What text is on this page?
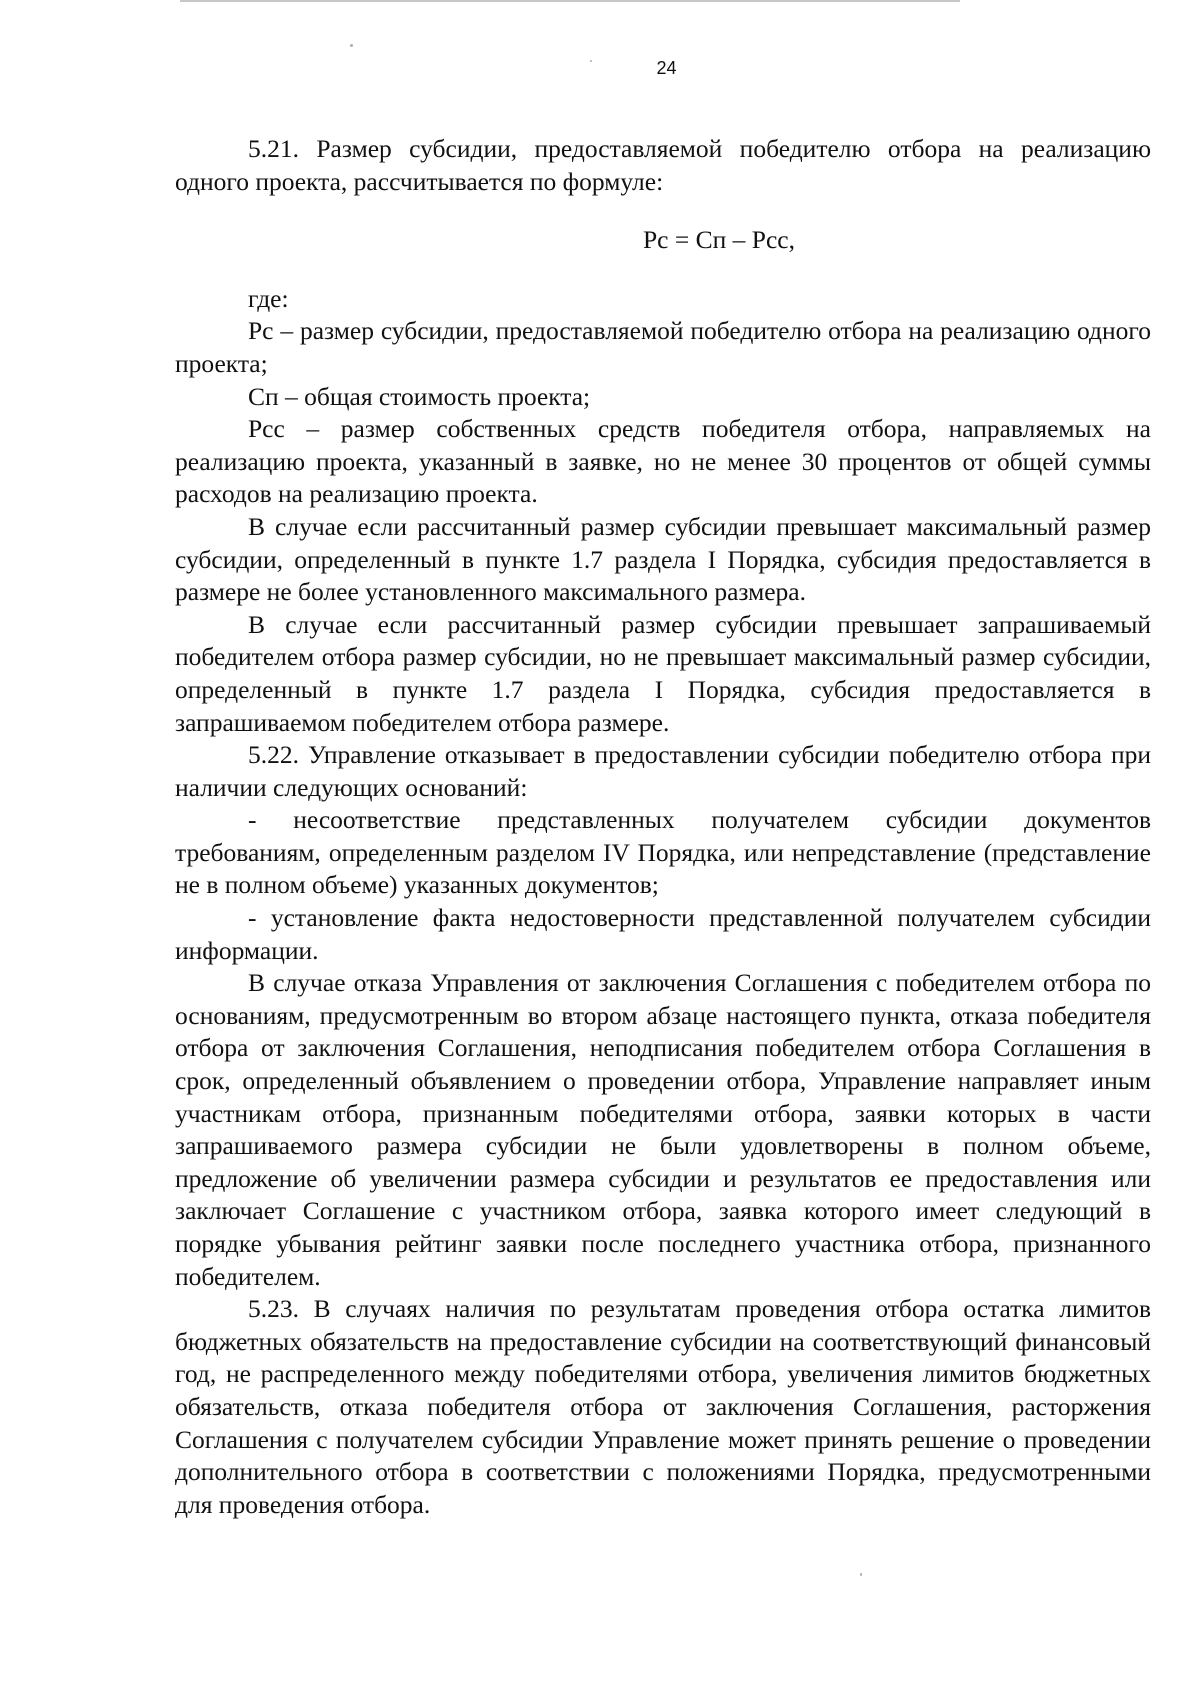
24

5.21. Размер субсидии, предоставляемой победителю отбора на реализацию одного проекта, рассчитывается по формуле:

Рс = Сп – Рсс,

где:

Рс – размер субсидии, предоставляемой победителю отбора на реализацию одного проекта;

Сп – общая стоимость проекта;

Рсс – размер собственных средств победителя отбора, направляемых на реализацию проекта, указанный в заявке, но не менее 30 процентов от общей суммы расходов на реализацию проекта.

В случае если рассчитанный размер субсидии превышает максимальный размер субсидии, определенный в пункте 1.7 раздела I Порядка, субсидия предоставляется в размере не более установленного максимального размера.

В случае если рассчитанный размер субсидии превышает запрашиваемый победителем отбора размер субсидии, но не превышает максимальный размер субсидии, определенный в пункте 1.7 раздела I Порядка, субсидия предоставляется в запрашиваемом победителем отбора размере.

5.22. Управление отказывает в предоставлении субсидии победителю отбора при наличии следующих оснований:

- несоответствие представленных получателем субсидии документов требованиям, определенным разделом IV Порядка, или непредставление (представление не в полном объеме) указанных документов;

- установление факта недостоверности представленной получателем субсидии информации.

В случае отказа Управления от заключения Соглашения с победителем отбора по основаниям, предусмотренным во втором абзаце настоящего пункта, отказа победителя отбора от заключения Соглашения, неподписания победителем отбора Соглашения в срок, определенный объявлением о проведении отбора, Управление направляет иным участникам отбора, признанным победителями отбора, заявки которых в части запрашиваемого размера субсидии не были удовлетворены в полном объеме, предложение об увеличении размера субсидии и результатов ее предоставления или заключает Соглашение с участником отбора, заявка которого имеет следующий в порядке убывания рейтинг заявки после последнего участника отбора, признанного победителем.

5.23. В случаях наличия по результатам проведения отбора остатка лимитов бюджетных обязательств на предоставление субсидии на соответствующий финансовый год, не распределенного между победителями отбора, увеличения лимитов бюджетных обязательств, отказа победителя отбора от заключения Соглашения, расторжения Соглашения с получателем субсидии Управление может принять решение о проведении дополнительного отбора в соответствии с положениями Порядка, предусмотренными для проведения отбора.
